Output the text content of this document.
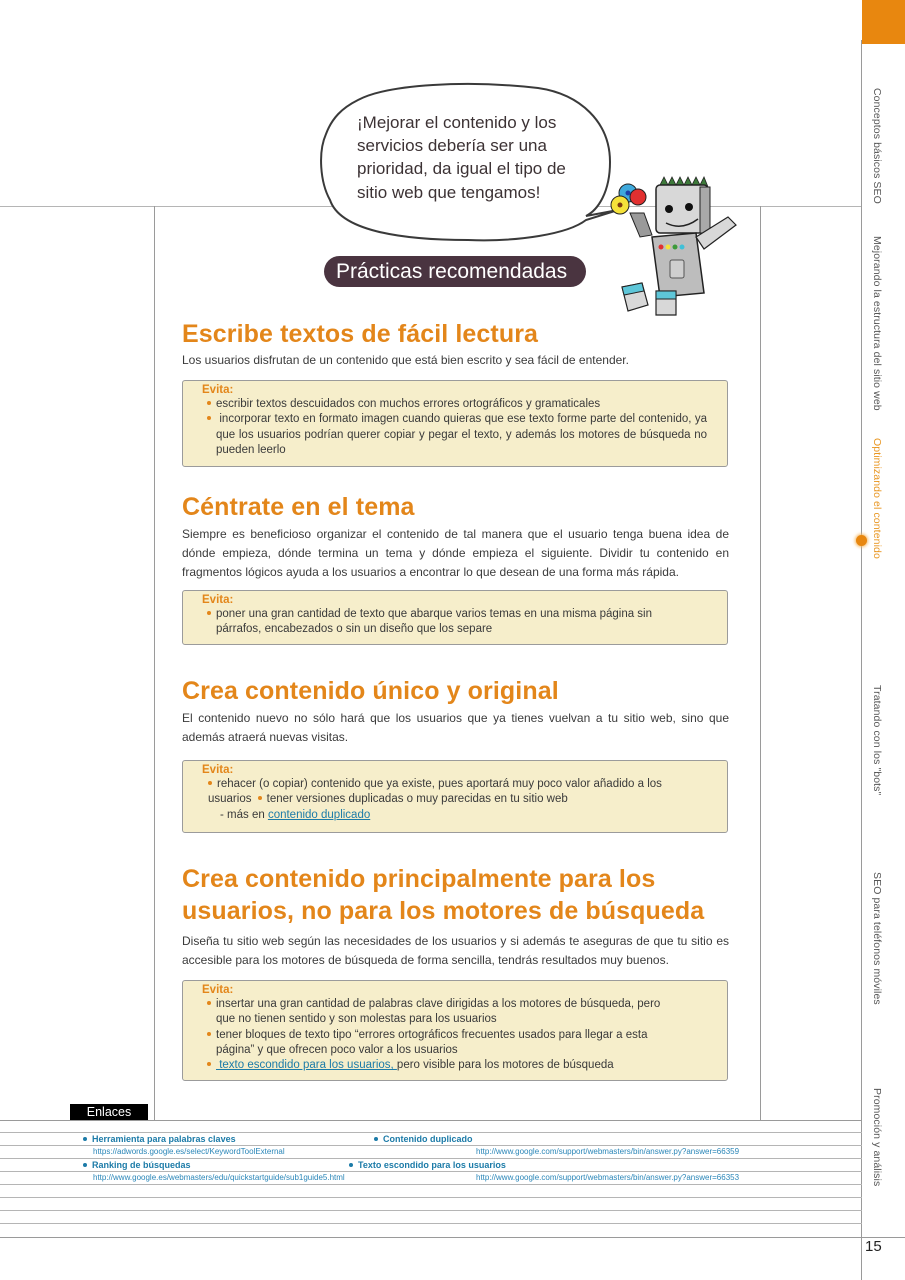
Conceptos básicos SEO
Mejorando la estructura del sitio web
Optimizando el contenido
Tratando con los "bots"
SEO para teléfonos móviles
Promoción y análisis
¡Mejorar el contenido y los servicios debería ser una prioridad, da igual el tipo de sitio web que tengamos!
Prácticas recomendadas
Escribe textos de fácil lectura

Los usuarios disfrutan de un contenido que está bien escrito y sea fácil de entender.

Evita:
escribir textos descuidados con muchos errores ortográficos y gramaticales
incorporar texto en formato imagen cuando quieras que ese texto forme parte del contenido, ya que los usuarios podrían querer copiar y pegar el texto, y además los motores de búsqueda no pueden leerlo
Céntrate en el tema

Siempre es beneficioso organizar el contenido de tal manera que el usuario tenga buena idea de dónde empieza, dónde termina un tema y dónde empieza el siguiente. Dividir tu contenido en fragmentos lógicos ayuda a los usuarios a encontrar lo que desean de una forma más rápida.

Evita:
poner una gran cantidad de texto que abarque varios temas en una misma página sin párrafos, encabezados o sin un diseño que los separe
Crea contenido único y original

El contenido nuevo no sólo hará que los usuarios que ya tienes vuelvan a tu sitio web, sino que además atraerá nuevas visitas.

Evita:
rehacer (o copiar) contenido que ya existe, pues aportará muy poco valor añadido a los usuarios tener versiones duplicadas o muy parecidas en tu sitio web
- más en contenido duplicado
Crea contenido principalmente para los usuarios, no para los motores de búsqueda

Diseña tu sitio web según las necesidades de los usuarios y si además te aseguras de que tu sitio es accesible para los motores de búsqueda de forma sencilla, tendrás resultados muy buenos.

Evita:
insertar una gran cantidad de palabras clave dirigidas a los motores de búsqueda, pero que no tienen sentido y son molestas para los usuarios
tener bloques de texto tipo “errores ortográficos frecuentes usados para llegar a esta página” y que ofrecen poco valor a los usuarios
texto escondido para los usuarios, pero visible para los motores de búsqueda
Enlaces
Herramienta para palabras claves
https://adwords.google.es/select/KeywordToolExternal
Contenido duplicado
http://www.google.com/support/webmasters/bin/answer.py?answer=66359
Ranking de búsquedas
http://www.google.es/webmasters/edu/quickstartguide/sub1guide5.html
Texto escondido para los usuarios
http://www.google.com/support/webmasters/bin/answer.py?answer=66353
15
